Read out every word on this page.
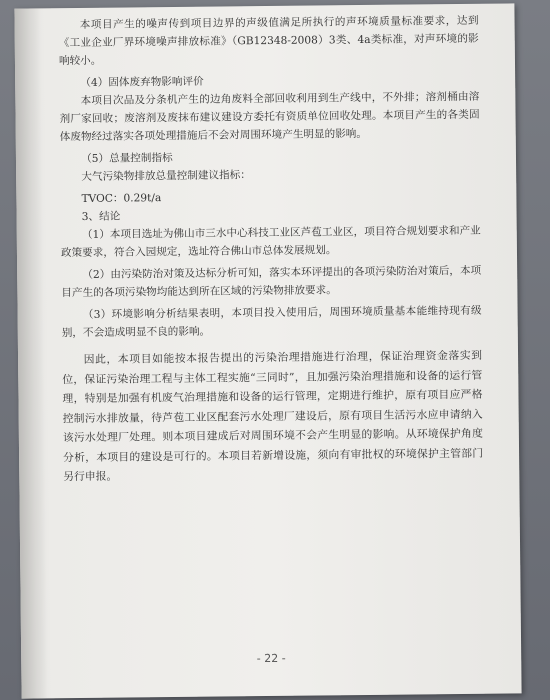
本项目产生的噪声传到项目边界的声级值满足所执行的声环境质量标准要求，达到《工业企业厂界环境噪声排放标准》（GB12348-2008）3类、4a类标准，对声环境的影响较小。

（4）固体废弃物影响评价

本项目次品及分条机产生的边角废料全部回收利用到生产线中，不外排；溶剂桶由溶剂厂家回收；废溶剂及废抹布建议建设方委托有资质单位回收处理。本项目产生的各类固体废物经过落实各项处理措施后不会对周围环境产生明显的影响。

（5）总量控制指标

大气污染物排放总量控制建议指标：

TVOC：0.29t/a

3、结论

（1）本项目选址为佛山市三水中心科技工业区芦苞工业区，项目符合规划要求和产业政策要求，符合入园规定，选址符合佛山市总体发展规划。

（2）由污染防治对策及达标分析可知，落实本环评提出的各项污染防治对策后，本项目产生的各项污染物均能达到所在区域的污染物排放要求。

（3）环境影响分析结果表明，本项目投入使用后，周围环境质量基本能维持现有级别，不会造成明显不良的影响。

因此，本项目如能按本报告提出的污染治理措施进行治理，保证治理资金落实到位，保证污染治理工程与主体工程实施“三同时”，且加强污染治理措施和设备的运行管理，特别是加强有机废气治理措施和设备的运行管理，定期进行维护，原有项目应严格控制污水排放量，待芦苞工业区配套污水处理厂建设后，原有项目生活污水应申请纳入该污水处理厂处理。则本项目建成后对周围环境不会产生明显的影响。从环境保护角度分析，本项目的建设是可行的。本项目若新增设施，须向有审批权的环境保护主管部门另行申报。

- 22 -
